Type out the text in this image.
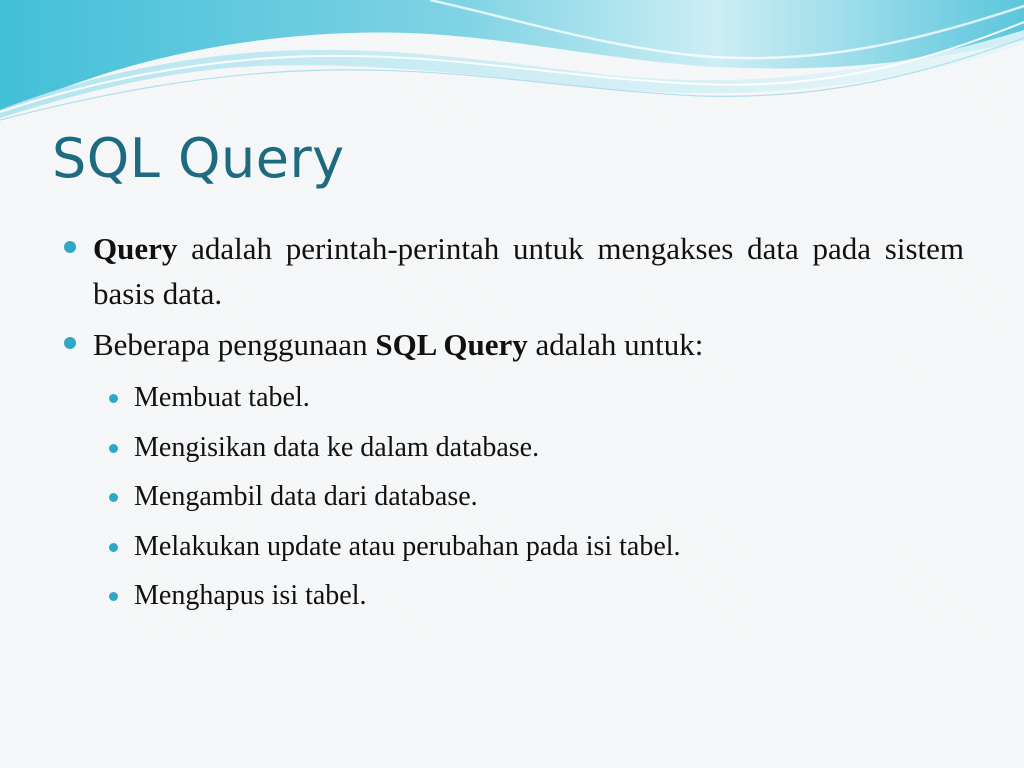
SQL Query
Query adalah perintah-perintah untuk mengakses data pada sistem basis data.
Beberapa penggunaan SQL Query adalah untuk:
Membuat tabel.
Mengisikan data ke dalam database.
Mengambil data dari database.
Melakukan update atau perubahan pada isi tabel.
Menghapus isi tabel.
